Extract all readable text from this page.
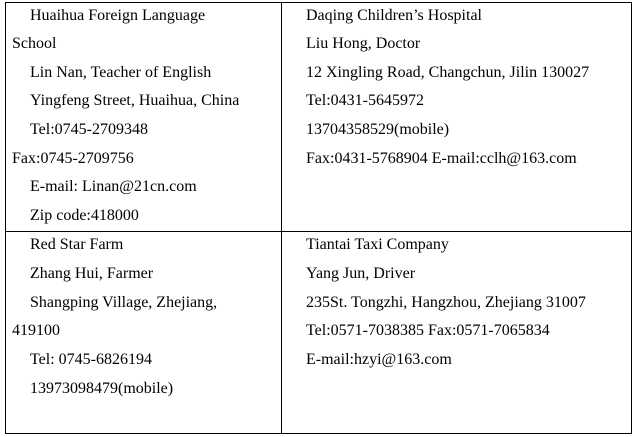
Huaihua Foreign Language
School
Lin Nan, Teacher of English
Yingfeng Street, Huaihua, China
Tel:0745-2709348
Fax:0745-2709756
E-mail: Linan@21cn.com
Zip code:418000
Daqing Children’s Hospital
Liu Hong, Doctor
12 Xingling Road, Changchun, Jilin 130027
Tel:0431-5645972
13704358529(mobile)
Fax:0431-5768904 E-mail:cclh@163.com
Red Star Farm
Zhang Hui, Farmer
Shangping Village, Zhejiang,
419100
Tel: 0745-6826194
13973098479(mobile)
Tiantai Taxi Company
Yang Jun, Driver
235St. Tongzhi, Hangzhou, Zhejiang 31007
Tel:0571-7038385 Fax:0571-7065834
E-mail:hzyi@163.com
